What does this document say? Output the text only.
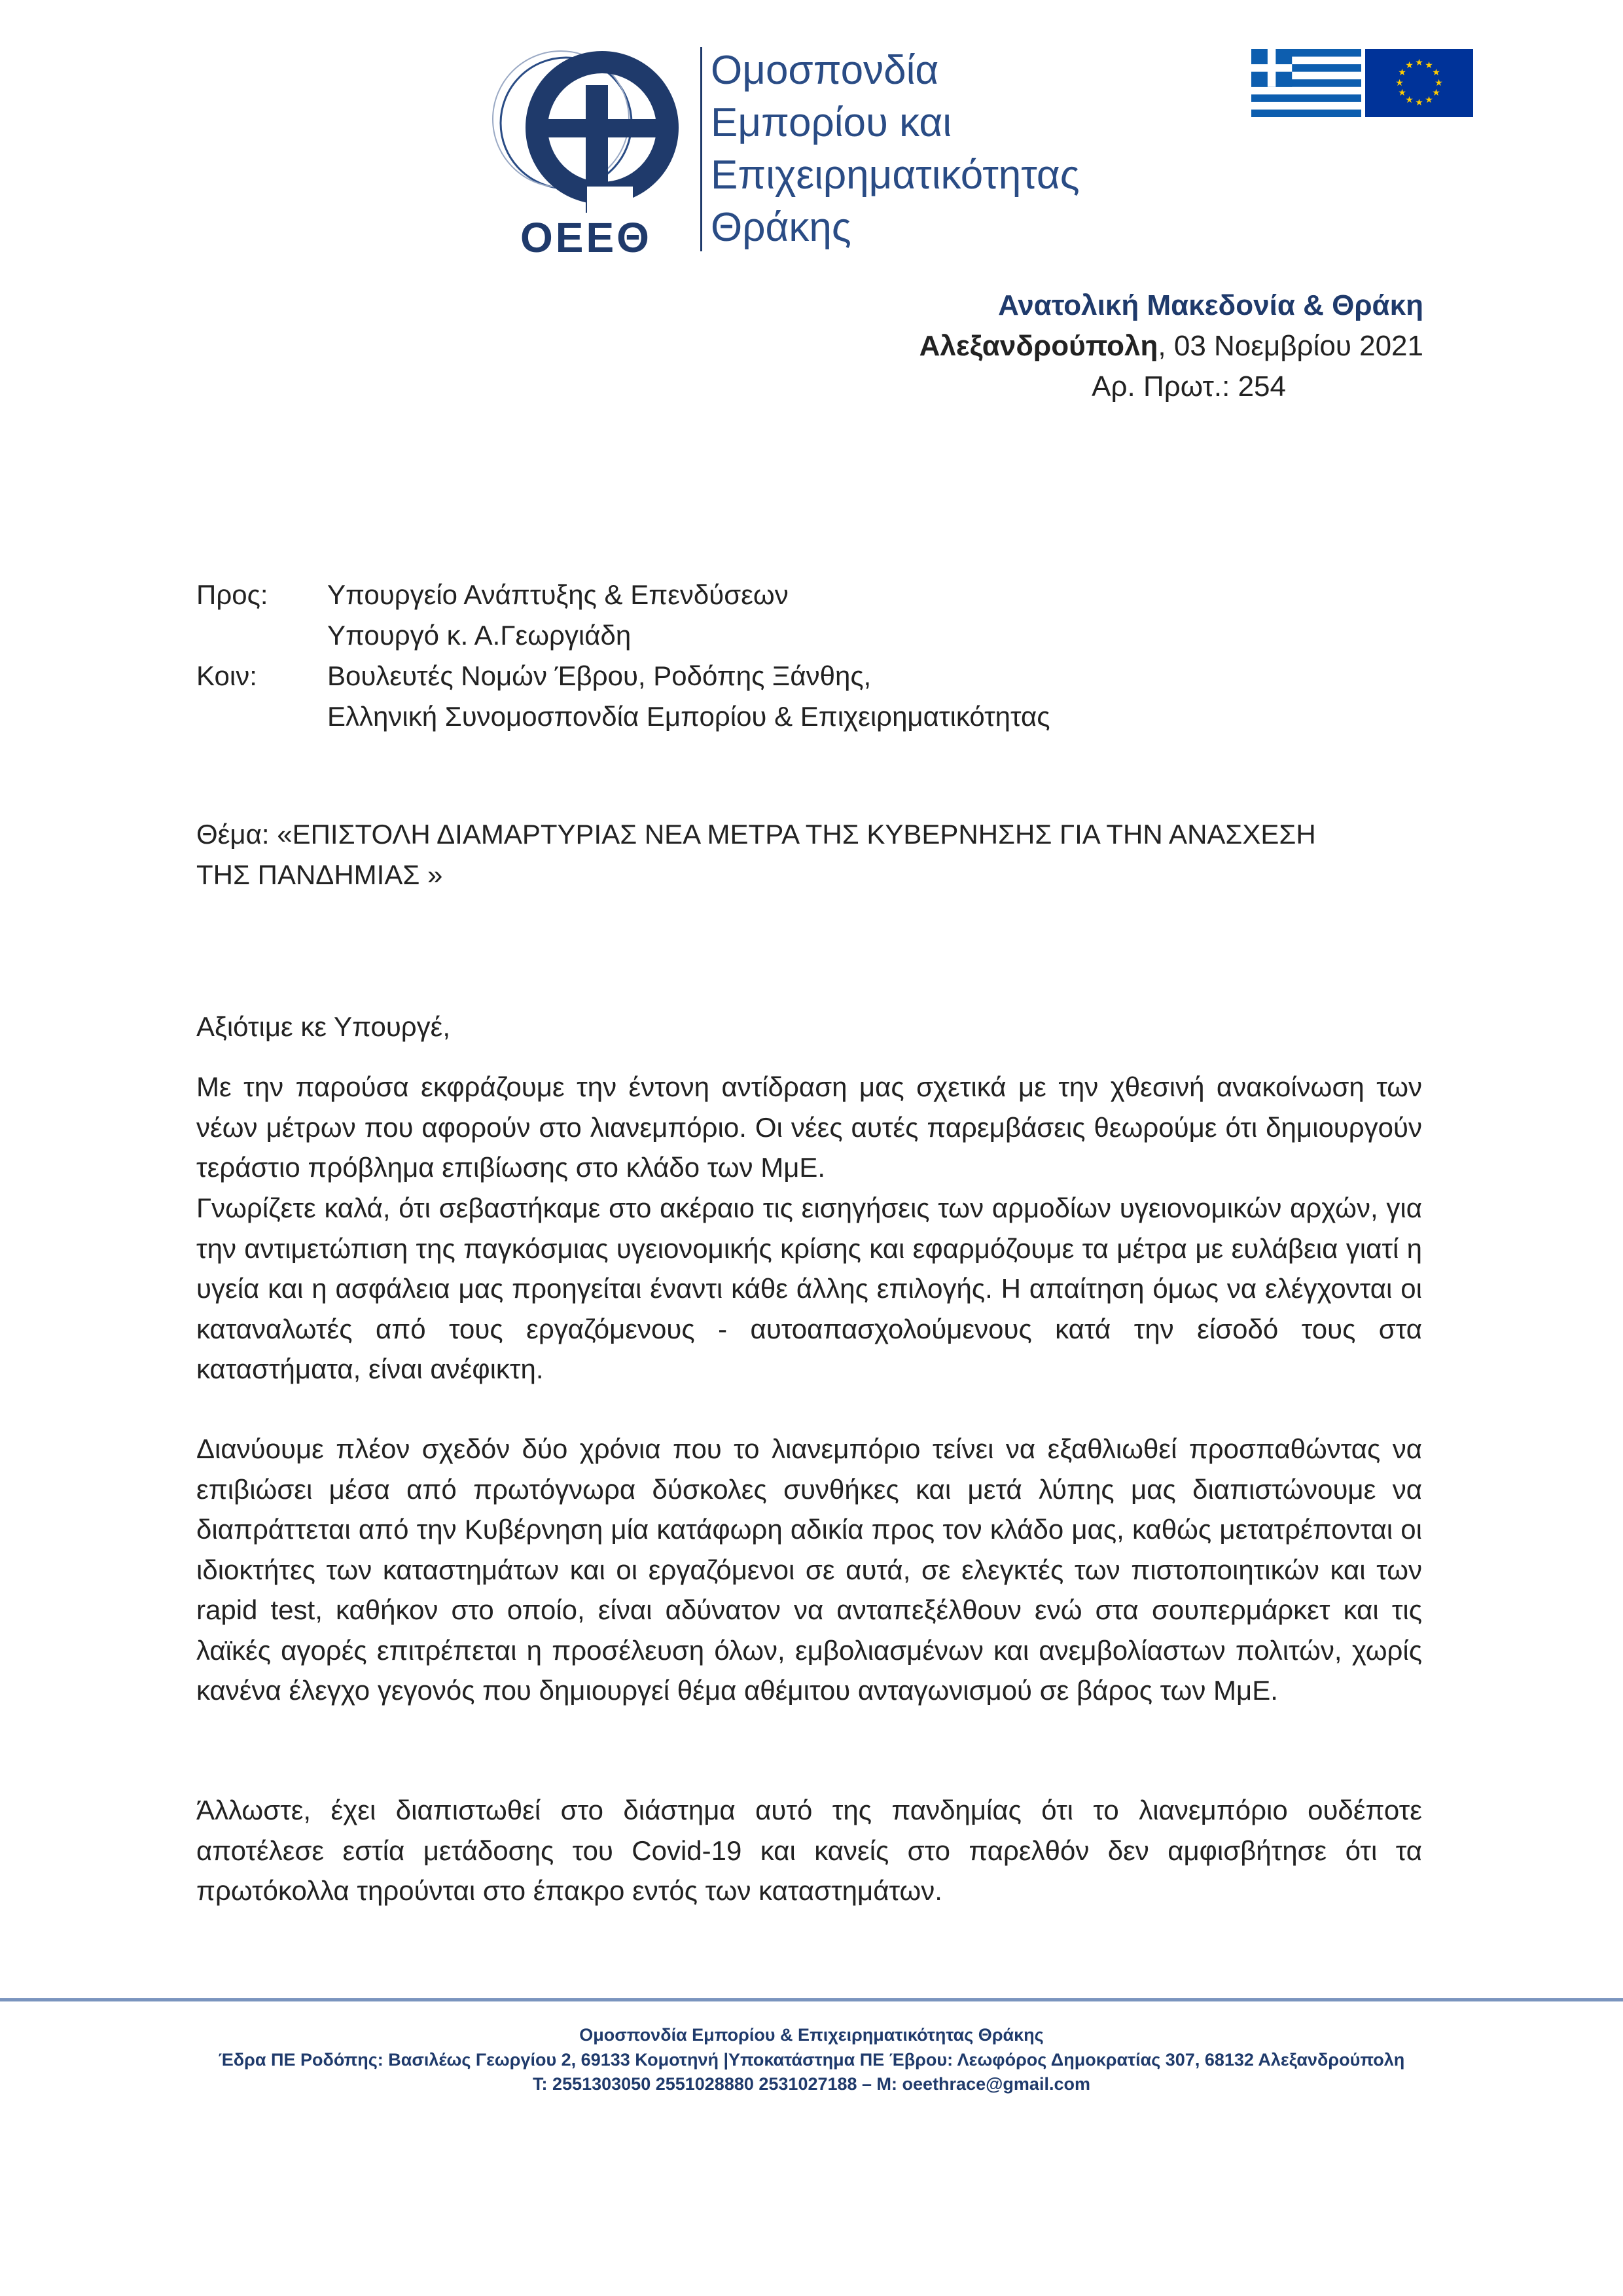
ΟΕΕΘ
Ομοσπονδία
Εμπορίου και
Επιχειρηματικότητας
Θράκης
★ ★
★
★
★
★
★
★
★
★
★
★
Ανατολική Μακεδονία & Θράκη
Αλεξανδρούπολη, 03 Νοεμβρίου 2021
Αρ. Πρωτ.: 254
Προς: Υπουργείο Ανάπτυξης & Επενδύσεων
Υπουργό κ. Α.Γεωργιάδη
Κοιν:	Βουλευτές Νομών Έβρου, Ροδόπης Ξάνθης,
Ελληνική Συνομοσπονδία Εμπορίου & Επιχειρηματικότητας
Θέμα: «ΕΠΙΣΤΟΛΗ ΔΙΑΜΑΡΤΥΡΙΑΣ ΝΕΑ ΜΕΤΡΑ ΤΗΣ ΚΥΒΕΡΝΗΣΗΣ ΓΙΑ ΤΗΝ ΑΝΑΣΧΕΣΗ
ΤΗΣ ΠΑΝΔΗΜΙΑΣ »
Αξιότιμε κε Υπουργέ,
Με την παρούσα εκφράζουμε την έντονη αντίδραση μας σχετικά με την χθεσινή ανακοίνωση των νέων μέτρων που αφορούν στο λιανεμπόριο. Οι νέες αυτές παρεμβάσεις θεωρούμε ότι δημιουργούν τεράστιο πρόβλημα επιβίωσης στο κλάδο των ΜμΕ.
Γνωρίζετε καλά, ότι σεβαστήκαμε στο ακέραιο τις εισηγήσεις των αρμοδίων υγειονομικών αρχών, για την αντιμετώπιση της παγκόσμιας υγειονομικής κρίσης και εφαρμόζουμε τα μέτρα με ευλάβεια γιατί η υγεία και η ασφάλεια μας προηγείται έναντι κάθε άλλης επιλογής. Η απαίτηση όμως να ελέγχονται οι καταναλωτές από τους εργαζόμενους - αυτοαπασχολούμενους κατά την είσοδό τους στα καταστήματα, είναι ανέφικτη.
Διανύουμε πλέον σχεδόν δύο χρόνια που το λιανεμπόριο τείνει να εξαθλιωθεί προσπαθώντας να επιβιώσει μέσα από πρωτόγνωρα δύσκολες συνθήκες και μετά λύπης μας διαπιστώνουμε να διαπράττεται από την Κυβέρνηση μία κατάφωρη αδικία προς τον κλάδο μας, καθώς μετατρέπονται οι ιδιοκτήτες των καταστημάτων και οι εργαζόμενοι σε αυτά, σε ελεγκτές των πιστοποιητικών και των rapid test, καθήκον στο οποίο, είναι αδύνατον να ανταπεξέλθουν ενώ στα σουπερμάρκετ και τις λαϊκές αγορές επιτρέπεται η προσέλευση όλων, εμβολιασμένων και ανεμβολίαστων πολιτών, χωρίς κανένα έλεγχο γεγονός που δημιουργεί θέμα αθέμιτου ανταγωνισμού σε βάρος των ΜμΕ.
Άλλωστε, έχει διαπιστωθεί στο διάστημα αυτό της πανδημίας ότι το λιανεμπόριο ουδέποτε αποτέλεσε εστία μετάδοσης του Covid-19 και κανείς στο παρελθόν δεν αμφισβήτησε ότι τα πρωτόκολλα τηρούνται στο έπακρο εντός των καταστημάτων.
Ομοσπονδία Εμπορίου & Επιχειρηματικότητας Θράκης
Έδρα ΠΕ Ροδόπης: Βασιλέως Γεωργίου 2, 69133 Κομοτηνή |Υποκατάστημα ΠΕ Έβρου: Λεωφόρος Δημοκρατίας 307, 68132 Αλεξανδρούπολη
Τ: 2551303050 2551028880 2531027188 – Μ: oeethrace@gmail.com
